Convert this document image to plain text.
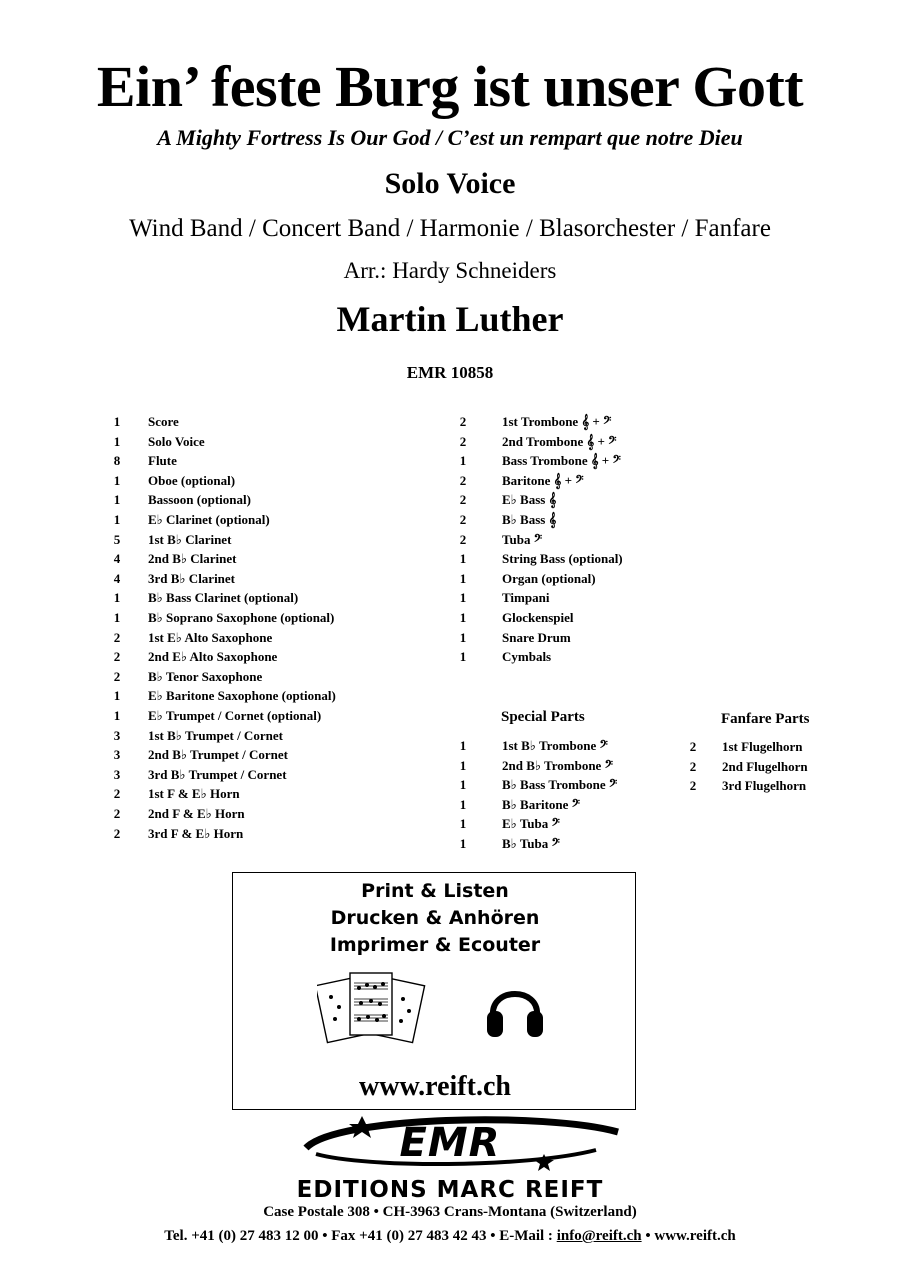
Ein’ feste Burg ist unser Gott
A Mighty Fortress Is Our God / C’est un rempart que notre Dieu
Solo Voice
Wind Band / Concert Band / Harmonie / Blasorchester / Fanfare
Arr.: Hardy Schneiders
Martin Luther
EMR 10858
1 Score
1 Solo Voice
8 Flute
1 Oboe (optional)
1 Bassoon (optional)
1 E♭ Clarinet (optional)
5 1st B♭ Clarinet
4 2nd B♭ Clarinet
4 3rd B♭ Clarinet
1 B♭ Bass Clarinet (optional)
1 B♭ Soprano Saxophone (optional)
2 1st E♭ Alto Saxophone
2 2nd E♭ Alto Saxophone
2 B♭ Tenor Saxophone
1 E♭ Baritone Saxophone (optional)
1 E♭ Trumpet / Cornet (optional)
3 1st B♭ Trumpet / Cornet
3 2nd B♭ Trumpet / Cornet
3 3rd B♭ Trumpet / Cornet
2 1st F & E♭ Horn
2 2nd F & E♭ Horn
2 3rd F & E♭ Horn
2	1st Trombone 𝄞 + 𝄢
2	2nd Trombone 𝄞 + 𝄢
1	Bass Trombone 𝄞 + 𝄢
2	Baritone 𝄞 + 𝄢
2	E♭ Bass 𝄞
2	B♭ Bass 𝄞
2	Tuba 𝄢
1	String Bass (optional)
1	Organ (optional)
1	Timpani
1	Glockenspiel
1	Snare Drum
1	Cymbals
Special Parts
1	1st B♭ Trombone 𝄢
1	2nd B♭ Trombone 𝄢
1	B♭ Bass Trombone 𝄢
1	B♭ Baritone 𝄢
1	E♭ Tuba 𝄢
1	B♭ Tuba 𝄢
Fanfare Parts
2 1st Flugelhorn
2 2nd Flugelhorn
2 3rd Flugelhorn
Print & Listen
Drucken & Anhören
Imprimer & Ecouter
www.reift.ch
EMR
EDITIONS MARC REIFT
Case Postale 308 • CH-3963 Crans-Montana (Switzerland)
Tel. +41 (0) 27 483 12 00 • Fax +41 (0) 27 483 42 43 • E-Mail : info@reift.ch • www.reift.ch
